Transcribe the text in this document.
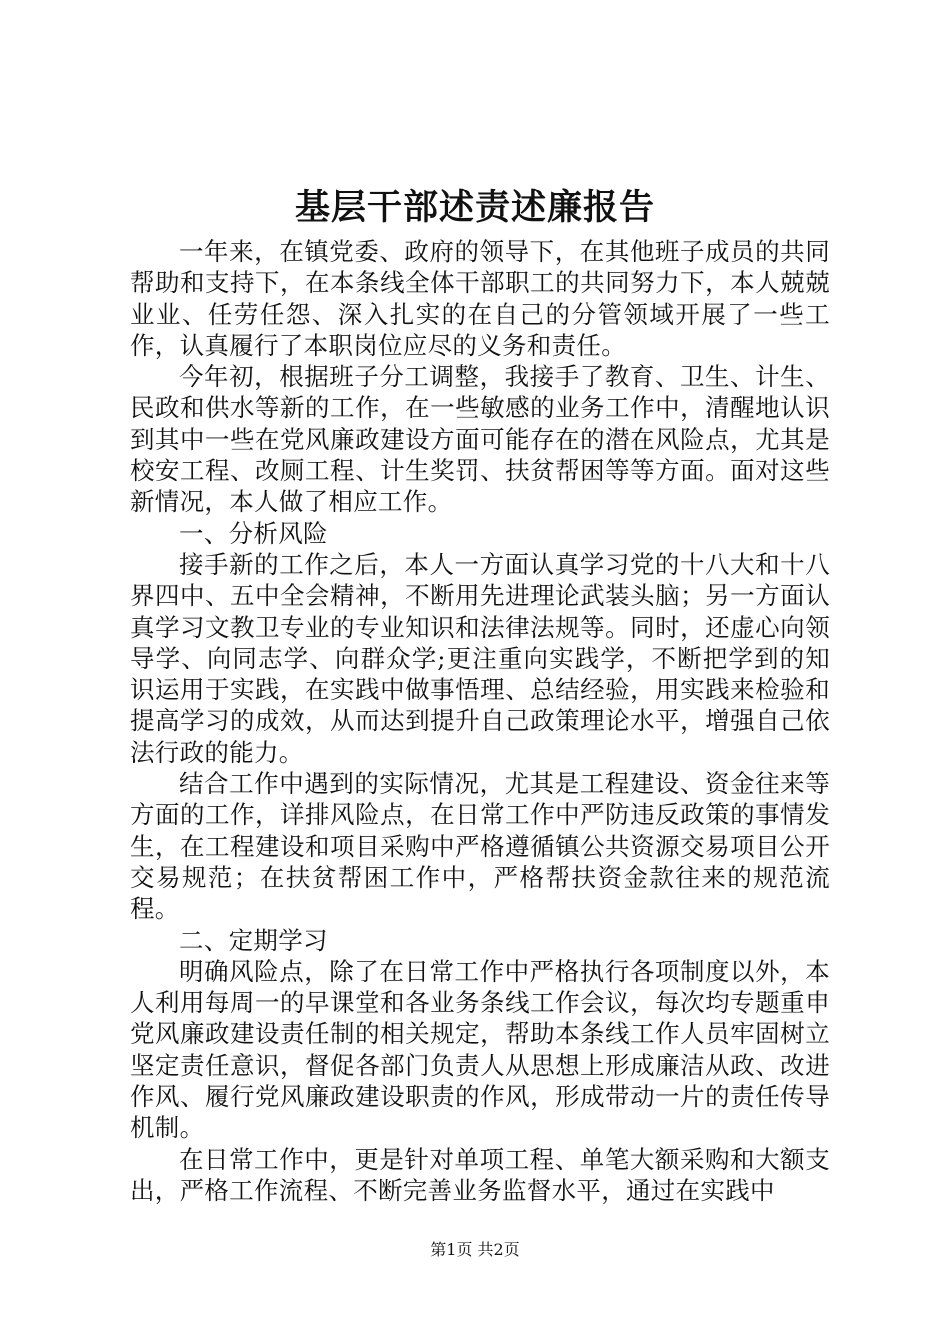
基层干部述责述廉报告

一年来，在镇党委、政府的领导下，在其他班子成员的共同帮助和支持下，在本条线全体干部职工的共同努力下，本人兢兢业业、任劳任怨、深入扎实的在自己的分管领域开展了一些工作，认真履行了本职岗位应尽的义务和责任。

今年初，根据班子分工调整，我接手了教育、卫生、计生、民政和供水等新的工作，在一些敏感的业务工作中，清醒地认识到其中一些在党风廉政建设方面可能存在的潜在风险点，尤其是校安工程、改厕工程、计生奖罚、扶贫帮困等等方面。面对这些新情况，本人做了相应工作。

一、分析风险

接手新的工作之后，本人一方面认真学习党的十八大和十八界四中、五中全会精神，不断用先进理论武装头脑；另一方面认真学习文教卫专业的专业知识和法律法规等。同时，还虚心向领导学、向同志学、向群众学;更注重向实践学，不断把学到的知识运用于实践，在实践中做事悟理、总结经验，用实践来检验和提高学习的成效，从而达到提升自己政策理论水平，增强自己依法行政的能力。

结合工作中遇到的实际情况，尤其是工程建设、资金往来等方面的工作，详排风险点，在日常工作中严防违反政策的事情发生，在工程建设和项目采购中严格遵循镇公共资源交易项目公开交易规范；在扶贫帮困工作中，严格帮扶资金款往来的规范流程。

二、定期学习

明确风险点，除了在日常工作中严格执行各项制度以外，本人利用每周一的早课堂和各业务条线工作会议，每次均专题重申党风廉政建设责任制的相关规定，帮助本条线工作人员牢固树立坚定责任意识，督促各部门负责人从思想上形成廉洁从政、改进作风、履行党风廉政建设职责的作风，形成带动一片的责任传导机制。

在日常工作中，更是针对单项工程、单笔大额采购和大额支出，严格工作流程、不断完善业务监督水平，通过在实践中

第1页 共2页
